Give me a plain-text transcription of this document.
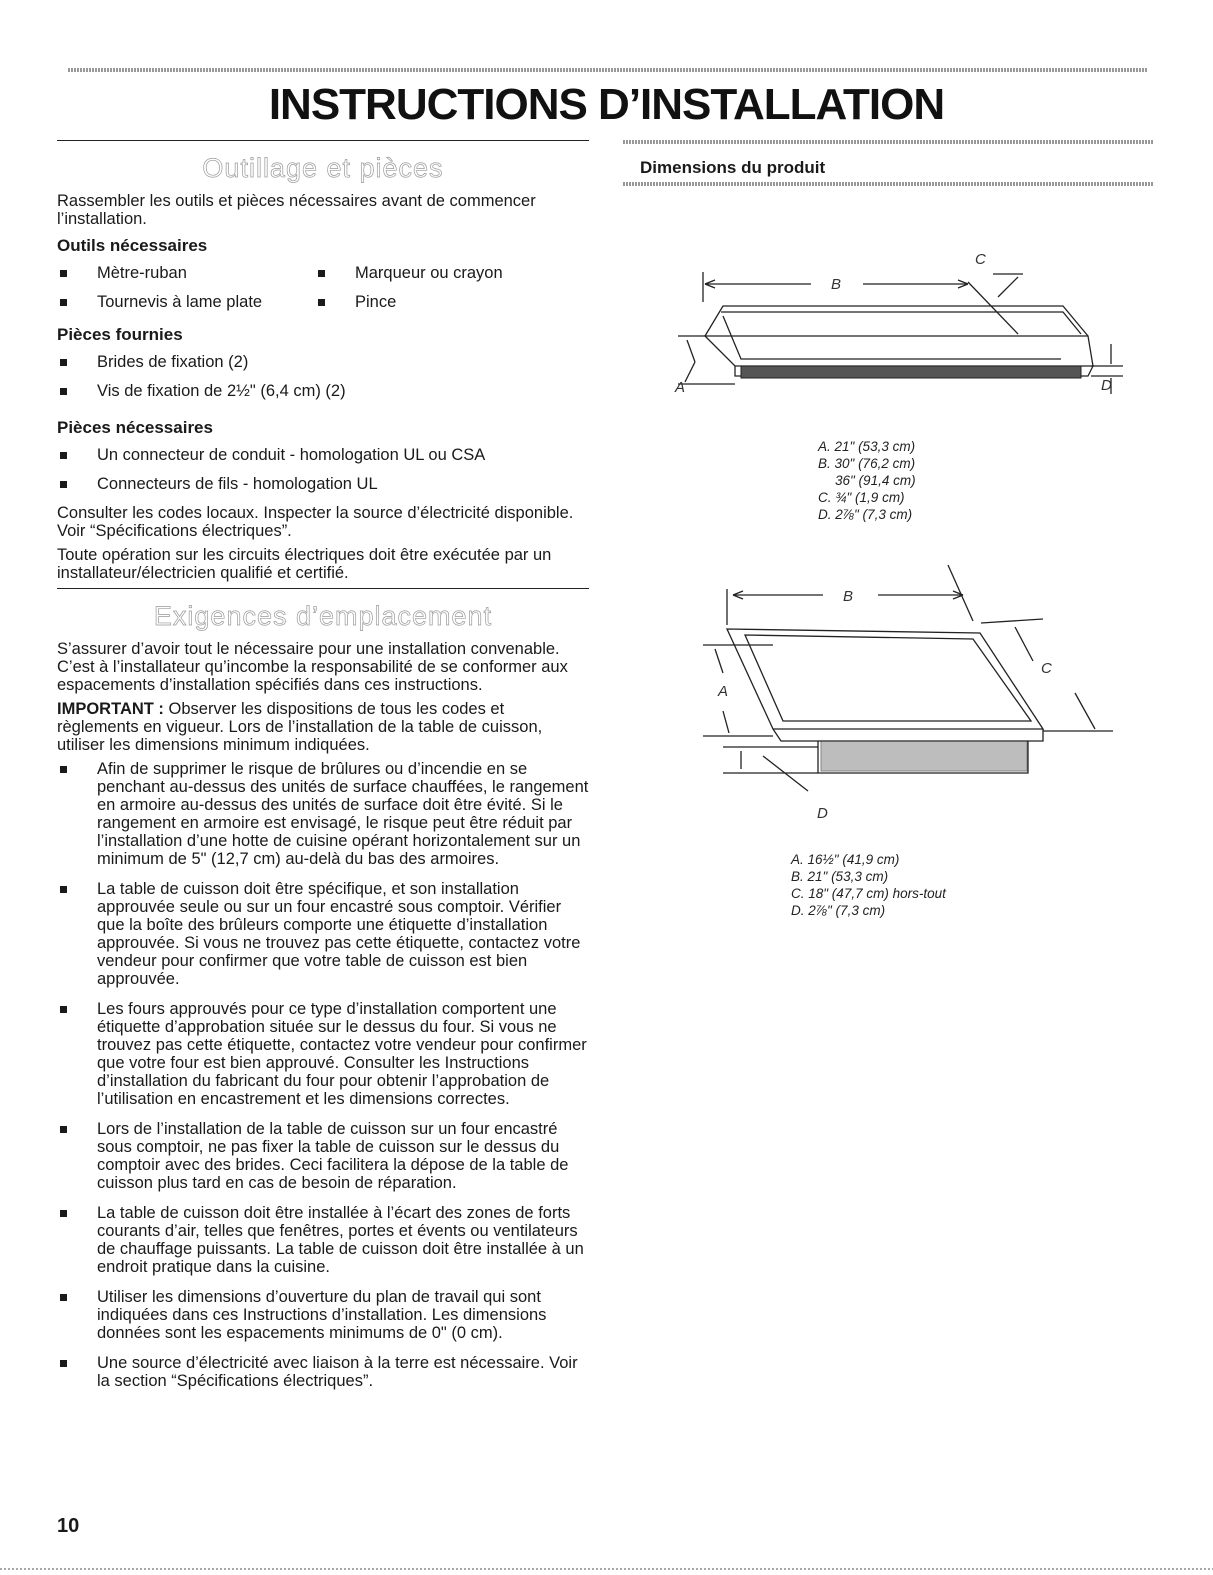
INSTRUCTIONS D’INSTALLATION
Outillage et pièces

Rassembler les outils et pièces nécessaires avant de commencer l’installation.

Outils nécessaires
Mètre-ruban	Marqueur ou crayon
Tournevis à lame plate	Pince
Pièces fournies
Brides de fixation (2)
Vis de fixation de 2½" (6,4 cm) (2)
Pièces nécessaires
Un connecteur de conduit - homologation UL ou CSA
Connecteurs de fils - homologation UL

Consulter les codes locaux. Inspecter la source d’électricité disponible. Voir “Spécifications électriques”.

Toute opération sur les circuits électriques doit être exécutée par un installateur/électricien qualifié et certifié.

Exigences d’emplacement

S’assurer d’avoir tout le nécessaire pour une installation convenable. C’est à l’installateur qu’incombe la responsabilité de se conformer aux espacements d’installation spécifiés dans ces instructions.

IMPORTANT : Observer les dispositions de tous les codes et règlements en vigueur. Lors de l’installation de la table de cuisson, utiliser les dimensions minimum indiquées.

Afin de supprimer le risque de brûlures ou d’incendie en se penchant au-dessus des unités de surface chauffées, le rangement en armoire au-dessus des unités de surface doit être évité. Si le rangement en armoire est envisagé, le risque peut être réduit par l’installation d’une hotte de cuisine opérant horizontalement sur un minimum de 5" (12,7 cm) au-delà du bas des armoires.
La table de cuisson doit être spécifique, et son installation approuvée seule ou sur un four encastré sous comptoir. Vérifier que la boîte des brûleurs comporte une étiquette d’installation approuvée. Si vous ne trouvez pas cette étiquette, contactez votre vendeur pour confirmer que votre table de cuisson est bien approuvée.
Les fours approuvés pour ce type d’installation comportent une étiquette d’approbation située sur le dessus du four. Si vous ne trouvez pas cette étiquette, contactez votre vendeur pour confirmer que votre four est bien approuvé. Consulter les Instructions d’installation du fabricant du four pour obtenir l’approbation de l’utilisation en encastrement et les dimensions correctes.
Lors de l’installation de la table de cuisson sur un four encastré sous comptoir, ne pas fixer la table de cuisson sur le dessus du comptoir avec des brides. Ceci facilitera la dépose de la table de cuisson plus tard en cas de besoin de réparation.
La table de cuisson doit être installée à l’écart des zones de forts courants d’air, telles que fenêtres, portes et évents ou ventilateurs de chauffage puissants. La table de cuisson doit être installée à un endroit pratique dans la cuisine.
Utiliser les dimensions d’ouverture du plan de travail qui sont indiquées dans ces Instructions d’installation. Les dimensions données sont les espacements minimums de 0" (0 cm).
Une source d’électricité avec liaison à la terre est nécessaire. Voir la section “Spécifications électriques”.
Dimensions du produit
B
C
A	D
A. 21" (53,3 cm)
B. 30" (76,2 cm)
36" (91,4 cm)
C. ¾" (1,9 cm)
D. 2⅞" (7,3 cm)
B
C
A
D
A. 16½" (41,9 cm)
B. 21" (53,3 cm)
C. 18" (47,7 cm) hors-tout
D. 2⅞" (7,3 cm)
10
